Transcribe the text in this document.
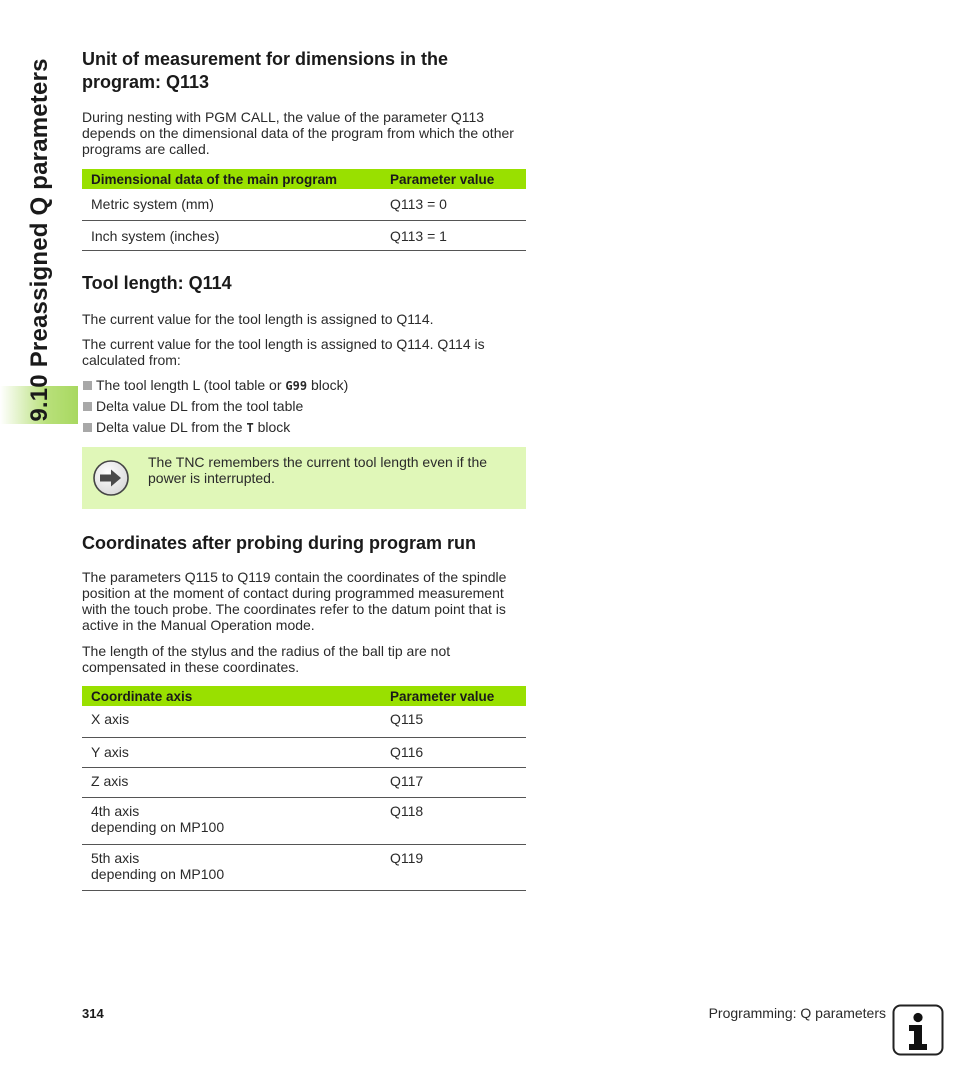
9.10 Preassigned Q parameters Unit of measurement for dimensions in the program: Q113

During nesting with PGM CALL, the value of the parameter Q113 depends on the dimensional data of the program from which the other programs are called.

Dimensional data of the main program	Parameter value
Metric system (mm)	Q113 = 0
Inch system (inches)	Q113 = 1
Tool length: Q114

The current value for the tool length is assigned to Q114.

The current value for the tool length is assigned to Q114. Q114 is calculated from:

The tool length L (tool table or G99 block)
Delta value DL from the tool table
Delta value DL from the T block
The TNC remembers the current tool length even if the power is interrupted.
Coordinates after probing during program run

The parameters Q115 to Q119 contain the coordinates of the spindle position at the moment of contact during programmed measurement with the touch probe. The coordinates refer to the datum point that is active in the Manual Operation mode.

The length of the stylus and the radius of the ball tip are not compensated in these coordinates.

Coordinate axis	Parameter value
X axis	Q115
Y axis	Q116
Z axis	Q117

4th axis
depending on MP100	Q118

5th axis
depending on MP100	Q119
314	Programming: Q parameters
